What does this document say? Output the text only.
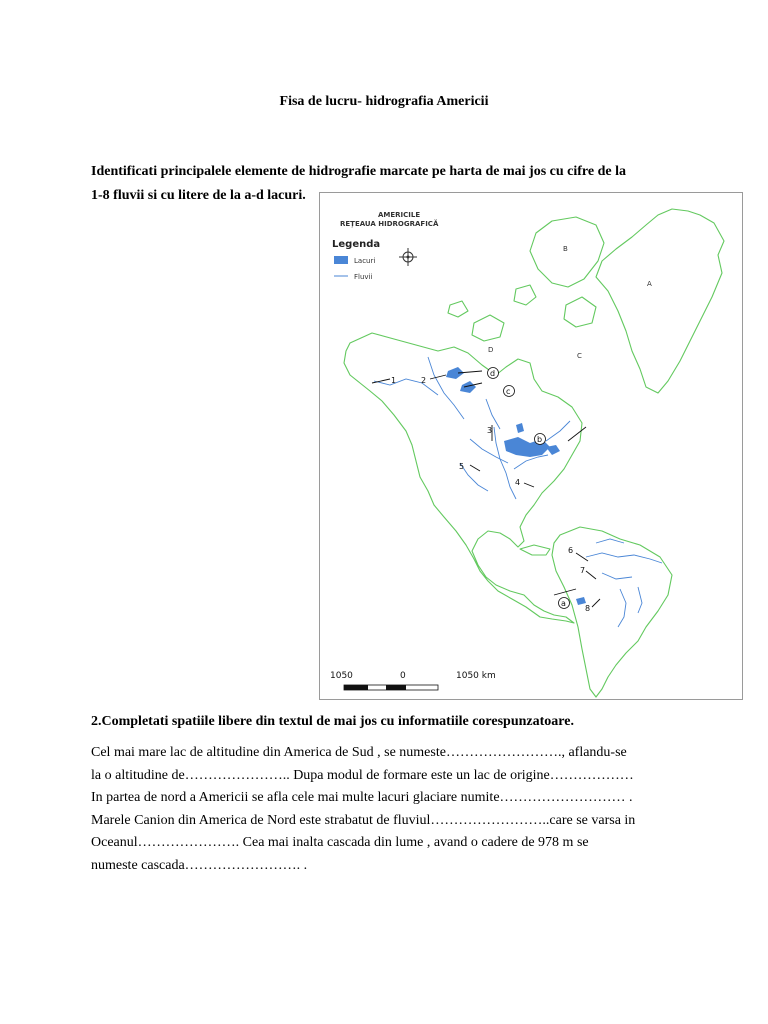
Fisa de lucru- hidrografia Americii
Identificati principalele elemente de hidrografie marcate pe harta de mai jos cu cifre de la
1-8 fluvii si cu litere de la a-d lacuri.
AMERICILE
REȚEAUA HIDROGRAFICĂ
Legenda
Lacuri
Fluvii
B
A
C
D
1	2
3
4
5
6
7
8
a
b
c
d
1050	0	1050 km
2.Completati spatiile libere din textul de mai jos cu informatiile corespunzatoare.

Cel mai mare lac de altitudine din America de Sud , se numeste……………………., aflandu-se

la o altitudine de………………….. Dupa modul de formare este un lac de origine………………

In partea de nord a Americii se afla cele mai multe lacuri glaciare numite……………………… .

Marele Canion din America de Nord este strabatut de fluviul……………………..care se varsa in

Oceanul…………………. Cea mai inalta cascada din lume , avand o cadere de 978 m se

numeste cascada……………………. .
